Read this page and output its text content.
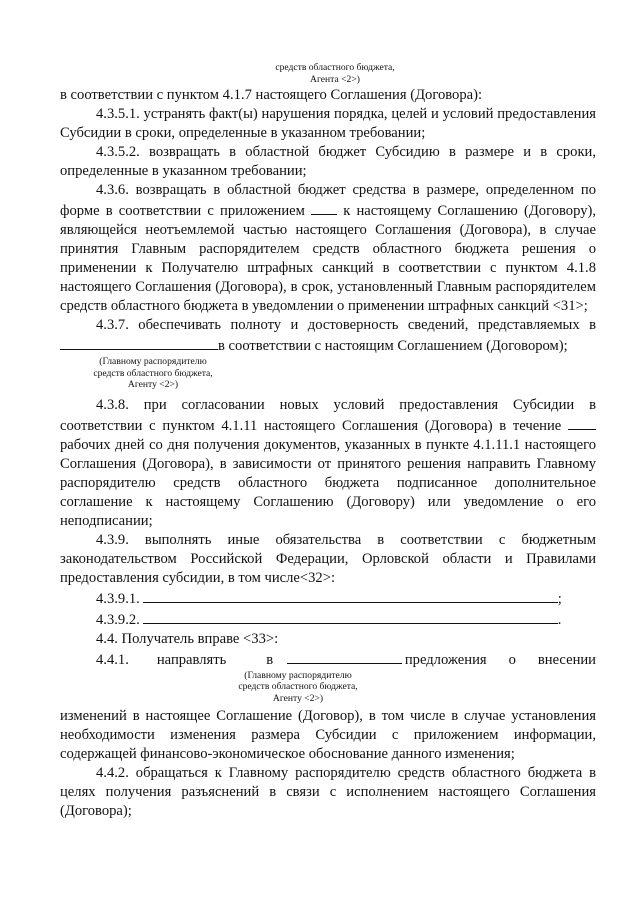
средств областного бюджета,
Агента <2>)

в соответствии с пунктом 4.1.7 настоящего Соглашения (Договора):

4.3.5.1. устранять факт(ы) нарушения порядка, целей и условий предоставления Субсидии в сроки, определенные в указанном требовании;

4.3.5.2. возвращать в областной бюджет Субсидию в размере и в сроки, определенные в указанном требовании;

4.3.6. возвращать в областной бюджет средства в размере, определенном по форме в соответствии с приложением	к настоящему Соглашению (Договору), являющейся неотъемлемой частью настоящего Соглашения (Договора), в случае принятия Главным распорядителем средств областного бюджета решения о применении к Получателю штрафных санкций в соответствии с пунктом 4.1.8 настоящего Соглашения (Договора), в срок, установленный Главным распорядителем средств областного бюджета в уведомлении о применении штрафных санкций <31>;

4.3.7. обеспечивать полноту и достоверность сведений, представляемых в в соответствии с настоящим Соглашением (Договором);

(Главному распорядителю
средств областного бюджета,
Агенту <2>)

4.3.8. при согласовании новых условий предоставления Субсидии в соответствии с пунктом 4.1.11 настоящего Соглашения (Договора) в течение  рабочих дней со дня получения документов, указанных в пункте 4.1.11.1 настоящего Соглашения (Договора), в зависимости от принятого решения направить Главному распорядителю средств областного бюджета подписанное дополнительное соглашение к настоящему Соглашению (Договору) или уведомление о его неподписании;

4.3.9. выполнять иные обязательства в соответствии с бюджетным законодательством Российской Федерации, Орловской области и Правилами предоставления субсидии, в том числе<32>:

4.3.9.1.	;
4.3.9.2.	.

4.4. Получатель вправе <33>:

4.4.1. направлять	в	предложения о внесении
(Главному распорядителю
средств областного бюджета,
Агенту <2>)

изменений в настоящее Соглашение (Договор), в том числе в случае установления необходимости изменения размера Субсидии с приложением информации, содержащей финансово-экономическое обоснование данного изменения;

4.4.2. обращаться к Главному распорядителю средств областного бюджета в целях получения разъяснений в связи с исполнением настоящего Соглашения (Договора);
